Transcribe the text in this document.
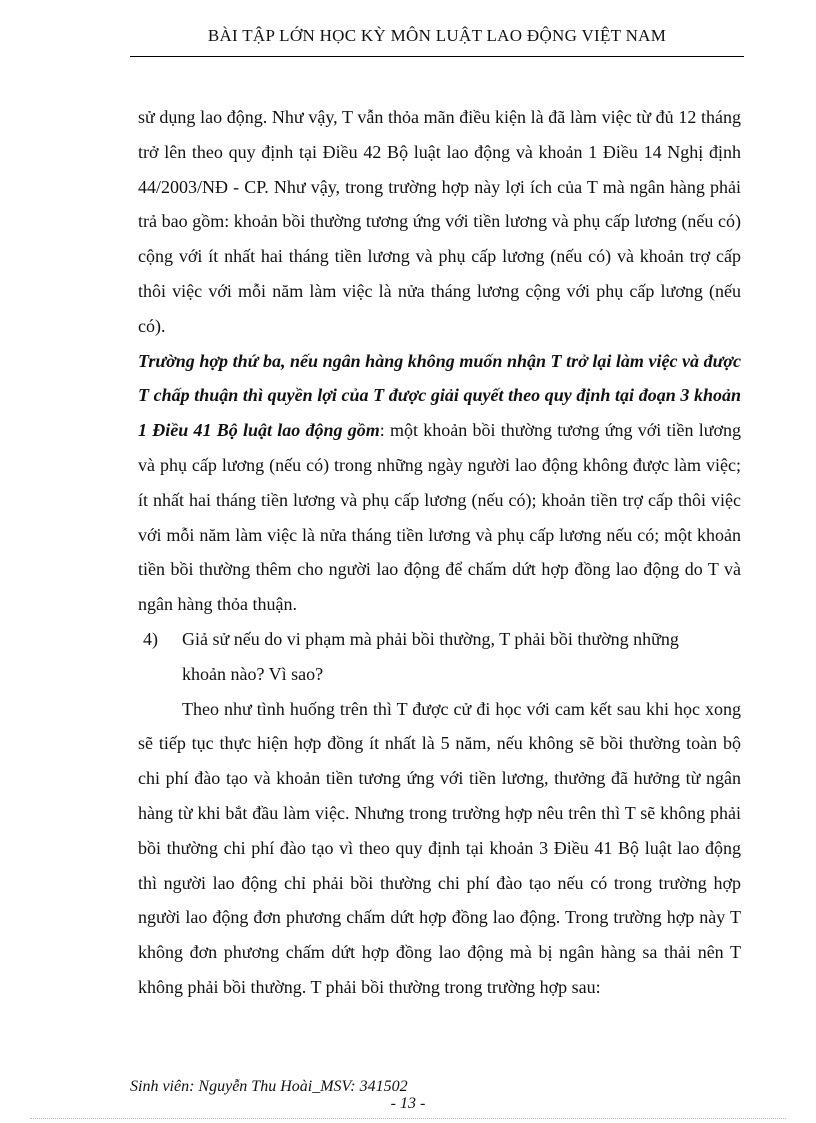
BÀI TẬP LỚN HỌC KỲ MÔN LUẬT LAO ĐỘNG VIỆT NAM

sử dụng lao động. Như vậy, T vẫn thỏa mãn điều kiện là đã làm việc từ đủ 12 tháng trở lên theo quy định tại Điều 42 Bộ luật lao động và khoản 1 Điều 14 Nghị định 44/2003/NĐ - CP. Như vậy, trong trường hợp này lợi ích của T mà ngân hàng phải trả bao gồm: khoản bồi thường tương ứng với tiền lương và phụ cấp lương (nếu có) cộng với ít nhất hai tháng tiền lương và phụ cấp lương (nếu có) và khoản trợ cấp thôi việc với mỗi năm làm việc là nửa tháng lương cộng với phụ cấp lương (nếu có).

Trường hợp thứ ba, nếu ngân hàng không muốn nhận T trở lại làm việc và được T chấp thuận thì quyền lợi của T được giải quyết theo quy định tại đoạn 3 khoản 1 Điều 41 Bộ luật lao động gồm: một khoản bồi thường tương ứng với tiền lương và phụ cấp lương (nếu có) trong những ngày người lao động không được làm việc; ít nhất hai tháng tiền lương và phụ cấp lương (nếu có); khoản tiền trợ cấp thôi việc với mỗi năm làm việc là nửa tháng tiền lương và phụ cấp lương nếu có; một khoản tiền bồi thường thêm cho người lao động để chấm dứt hợp đồng lao động do T và ngân hàng thỏa thuận.

4) Giả sử nếu do vi phạm mà phải bồi thường, T phải bồi thường những khoản nào? Vì sao?

Theo như tình huống trên thì T được cử đi học với cam kết sau khi học xong sẽ tiếp tục thực hiện hợp đồng ít nhất là 5 năm, nếu không sẽ bồi thường toàn bộ chi phí đào tạo và khoản tiền tương ứng với tiền lương, thưởng đã hưởng từ ngân hàng từ khi bắt đầu làm việc. Nhưng trong trường hợp nêu trên thì T sẽ không phải bồi thường chi phí đào tạo vì theo quy định tại khoản 3 Điều 41 Bộ luật lao động thì người lao động chỉ phải bồi thường chi phí đào tạo nếu có trong trường hợp người lao động đơn phương chấm dứt hợp đồng lao động. Trong trường hợp này T không đơn phương chấm dứt hợp đồng lao động mà bị ngân hàng sa thải nên T không phải bồi thường. T phải bồi thường trong trường hợp sau:

Sinh viên: Nguyễn Thu Hoài_MSV: 341502
- 13 -
